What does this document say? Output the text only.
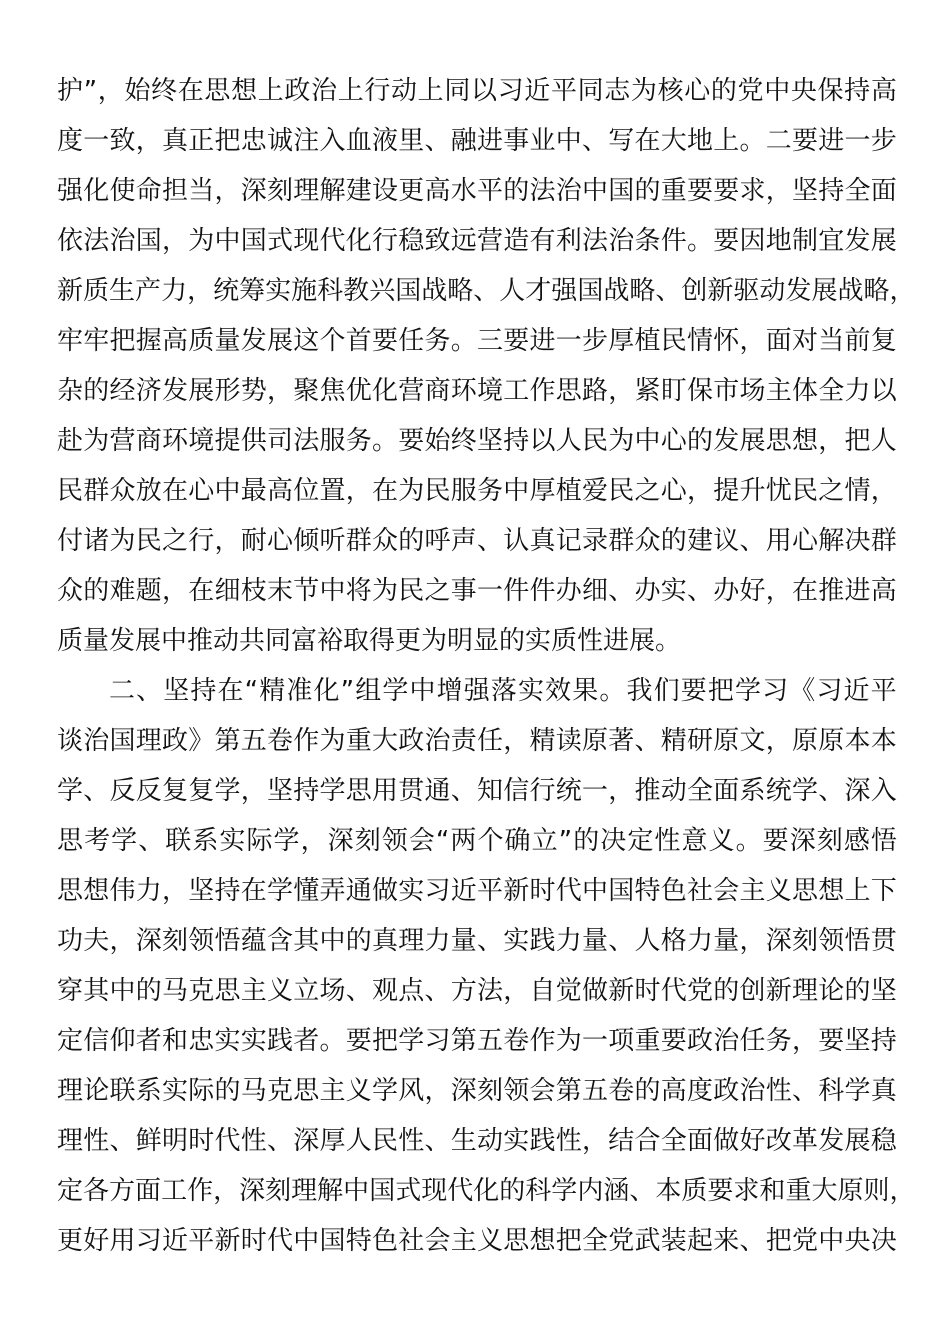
护 ” ， 始 终 在 思 想 上 政 治 上 行 动 上 同 以 习 近 平 同 志 为 核 心 的 党 中 央 保 持 高
度 一 致 ， 真 正 把 忠 诚 注 入 血 液 里 、 融 进 事 业 中 、 写 在 大 地 上 。 二 要 进 一 步
强 化 使 命 担 当 ， 深 刻 理 解 建 设 更 高 水 平 的 法 治 中 国 的 重 要 要 求 ， 坚 持 全 面
依 法 治 国 ， 为 中 国 式 现 代 化 行 稳 致 远 营 造 有 利 法 治 条 件 。 要 因 地 制 宜 发 展
新 质 生 产 力 ， 统 筹 实 施 科 教 兴 国 战 略 、 人 才 强 国 战 略 、 创 新 驱 动 发 展 战 略 ，
牢 牢 把 握 高 质 量 发 展 这 个 首 要 任 务 。 三 要 进 一 步 厚 植 民 情 怀 ， 面 对 当 前 复
杂 的 经 济 发 展 形 势 ， 聚 焦 优 化 营 商 环 境 工 作 思 路 ， 紧 盯 保 市 场 主 体 全 力 以
赴 为 营 商 环 境 提 供 司 法 服 务 。 要 始 终 坚 持 以 人 民 为 中 心 的 发 展 思 想 ， 把 人
民 群 众 放 在 心 中 最 高 位 置 ， 在 为 民 服 务 中 厚 植 爱 民 之 心 ， 提 升 忧 民 之 情 ，
付 诸 为 民 之 行 ， 耐 心 倾 听 群 众 的 呼 声 、 认 真 记 录 群 众 的 建 议 、 用 心 解 决 群
众 的 难 题 ， 在 细 枝 末 节 中 将 为 民 之 事 一 件 件 办 细 、 办 实 、 办 好 ， 在 推 进 高
质量发展中推动共同富裕取得更为明显的实质性进展。
二 、 坚 持 在 “ 精 准 化 ” 组 学 中 增 强 落 实 效 果 。 我 们 要 把 学 习 《 习 近 平
谈 治 国 理 政 》 第 五 卷 作 为 重 大 政 治 责 任 ， 精 读 原 著 、 精 研 原 文 ， 原 原 本 本
学 、 反 反 复 复 学 ， 坚 持 学 思 用 贯 通 、 知 信 行 统 一 ， 推 动 全 面 系 统 学 、 深 入
思 考 学 、 联 系 实 际 学 ， 深 刻 领 会 “ 两 个 确 立 ” 的 决 定 性 意 义 。 要 深 刻 感 悟
思 想 伟 力 ， 坚 持 在 学 懂 弄 通 做 实 习 近 平 新 时 代 中 国 特 色 社 会 主 义 思 想 上 下
功 夫 ， 深 刻 领 悟 蕴 含 其 中 的 真 理 力 量 、 实 践 力 量 、 人 格 力 量 ， 深 刻 领 悟 贯
穿 其 中 的 马 克 思 主 义 立 场 、 观 点 、 方 法 ， 自 觉 做 新 时 代 党 的 创 新 理 论 的 坚
定 信 仰 者 和 忠 实 实 践 者 。 要 把 学 习 第 五 卷 作 为 一 项 重 要 政 治 任 务 ， 要 坚 持
理 论 联 系 实 际 的 马 克 思 主 义 学 风 ， 深 刻 领 会 第 五 卷 的 高 度 政 治 性 、 科 学 真
理 性 、 鲜 明 时 代 性 、 深 厚 人 民 性 、 生 动 实 践 性 ， 结 合 全 面 做 好 改 革 发 展 稳
定 各 方 面 工 作 ， 深 刻 理 解 中 国 式 现 代 化 的 科 学 内 涵 、 本 质 要 求 和 重 大 原 则 ，
更 好 用 习 近 平 新 时 代 中 国 特 色 社 会 主 义 思 想 把 全 党 武 装 起 来 、 把 党 中 央 决
